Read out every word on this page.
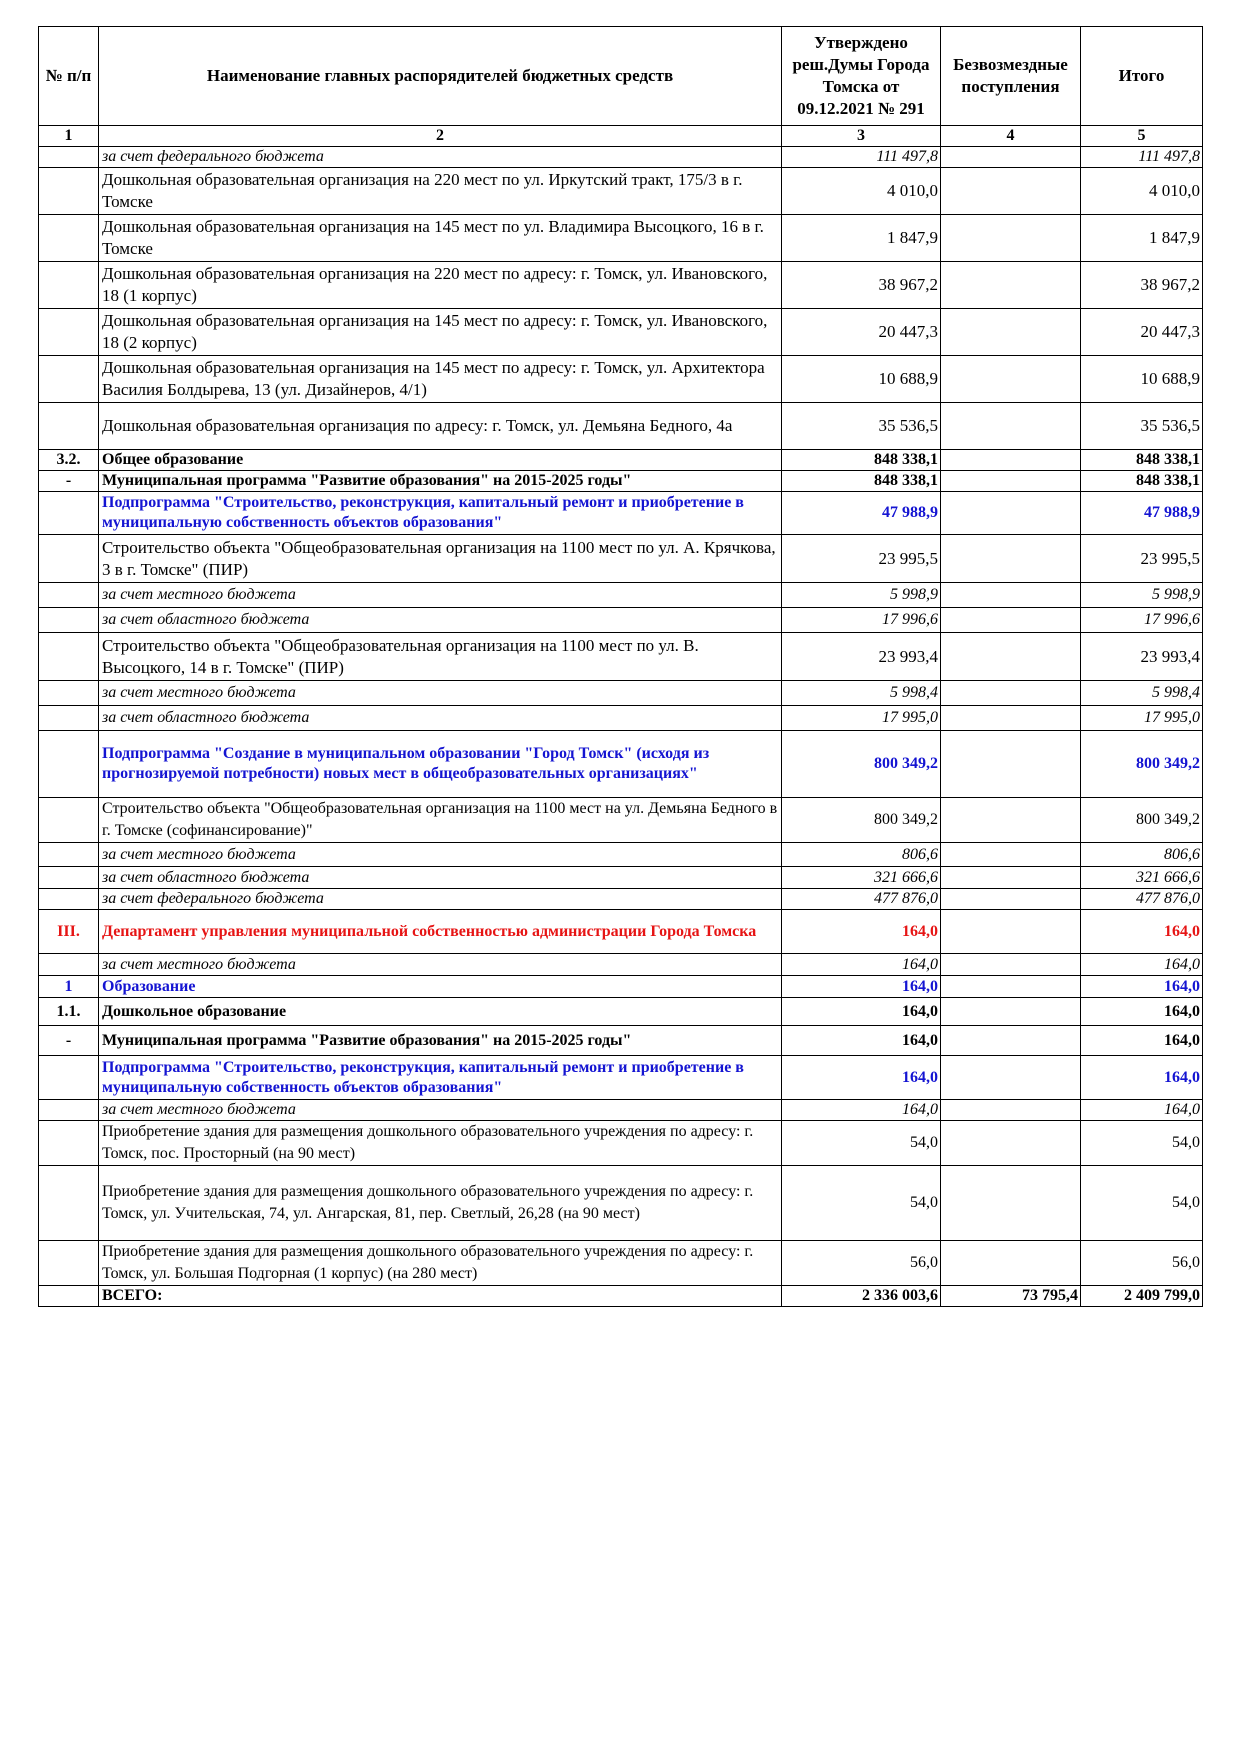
№ п/п	Наименование главных распорядителей бюджетных средств	Утверждено реш.Думы Города Томска от 09.12.2021 № 291	Безвозмездные поступления	Итого
1	2	3	4	5
	за счет федерального бюджета	111 497,8		111 497,8
	Дошкольная образовательная организация на 220 мест по ул. Иркутский тракт, 175/3 в г. Томске	4 010,0		4 010,0
	Дошкольная образовательная организация на 145 мест по ул. Владимира Высоцкого, 16 в г. Томске	1 847,9		1 847,9
	Дошкольная образовательная организация на 220 мест по адресу: г. Томск, ул. Ивановского, 18 (1 корпус)	38 967,2		38 967,2
	Дошкольная образовательная организация на 145 мест по адресу: г. Томск, ул. Ивановского, 18 (2 корпус)	20 447,3		20 447,3
	Дошкольная образовательная организация на 145 мест по адресу: г. Томск, ул. Архитектора Василия Болдырева, 13 (ул. Дизайнеров, 4/1)	10 688,9		10 688,9
	Дошкольная образовательная организация по адресу: г. Томск, ул. Демьяна Бедного, 4а	35 536,5		35 536,5
3.2.	Общее образование	848 338,1		848 338,1
-	Муниципальная программа "Развитие образования" на 2015-2025 годы"	848 338,1		848 338,1
	Подпрограмма "Строительство, реконструкция, капитальный ремонт и приобретение в муниципальную собственность объектов образования"	47 988,9		47 988,9
	Строительство объекта "Общеобразовательная организация на 1100 мест по ул. А. Крячкова, 3 в г. Томске" (ПИР)	23 995,5		23 995,5
	за счет местного бюджета	5 998,9		5 998,9
	за счет областного бюджета	17 996,6		17 996,6
	Строительство объекта "Общеобразовательная организация на 1100 мест по ул. В. Высоцкого, 14 в г. Томске" (ПИР)	23 993,4		23 993,4
	за счет местного бюджета	5 998,4		5 998,4
	за счет областного бюджета	17 995,0		17 995,0
	Подпрограмма "Создание в муниципальном образовании "Город Томск" (исходя из прогнозируемой потребности) новых мест в общеобразовательных организациях"	800 349,2		800 349,2
	Строительство объекта "Общеобразовательная организация на 1100 мест на ул. Демьяна Бедного в г. Томске (софинансирование)"	800 349,2		800 349,2
	за счет местного бюджета	806,6		806,6
	за счет областного бюджета	321 666,6		321 666,6
	за счет федерального бюджета	477 876,0		477 876,0
III.	Департамент управления муниципальной собственностью администрации Города Томска	164,0		164,0
	за счет местного бюджета	164,0		164,0
1	Образование	164,0		164,0
1.1.	Дошкольное образование	164,0		164,0
-	Муниципальная программа "Развитие образования" на 2015-2025 годы"	164,0		164,0
	Подпрограмма "Строительство, реконструкция, капитальный ремонт и приобретение в муниципальную собственность объектов образования"	164,0		164,0
	за счет местного бюджета	164,0		164,0
	Приобретение здания для размещения дошкольного образовательного учреждения по адресу: г. Томск, пос. Просторный (на 90 мест)	54,0		54,0
	Приобретение здания для размещения дошкольного образовательного учреждения по адресу: г. Томск, ул. Учительская, 74, ул. Ангарская, 81, пер. Светлый, 26,28 (на 90 мест)	54,0		54,0
	Приобретение здания для размещения дошкольного образовательного учреждения по адресу: г. Томск, ул. Большая Подгорная (1 корпус) (на 280 мест)	56,0		56,0
	ВСЕГО:	2 336 003,6	73 795,4	2 409 799,0
